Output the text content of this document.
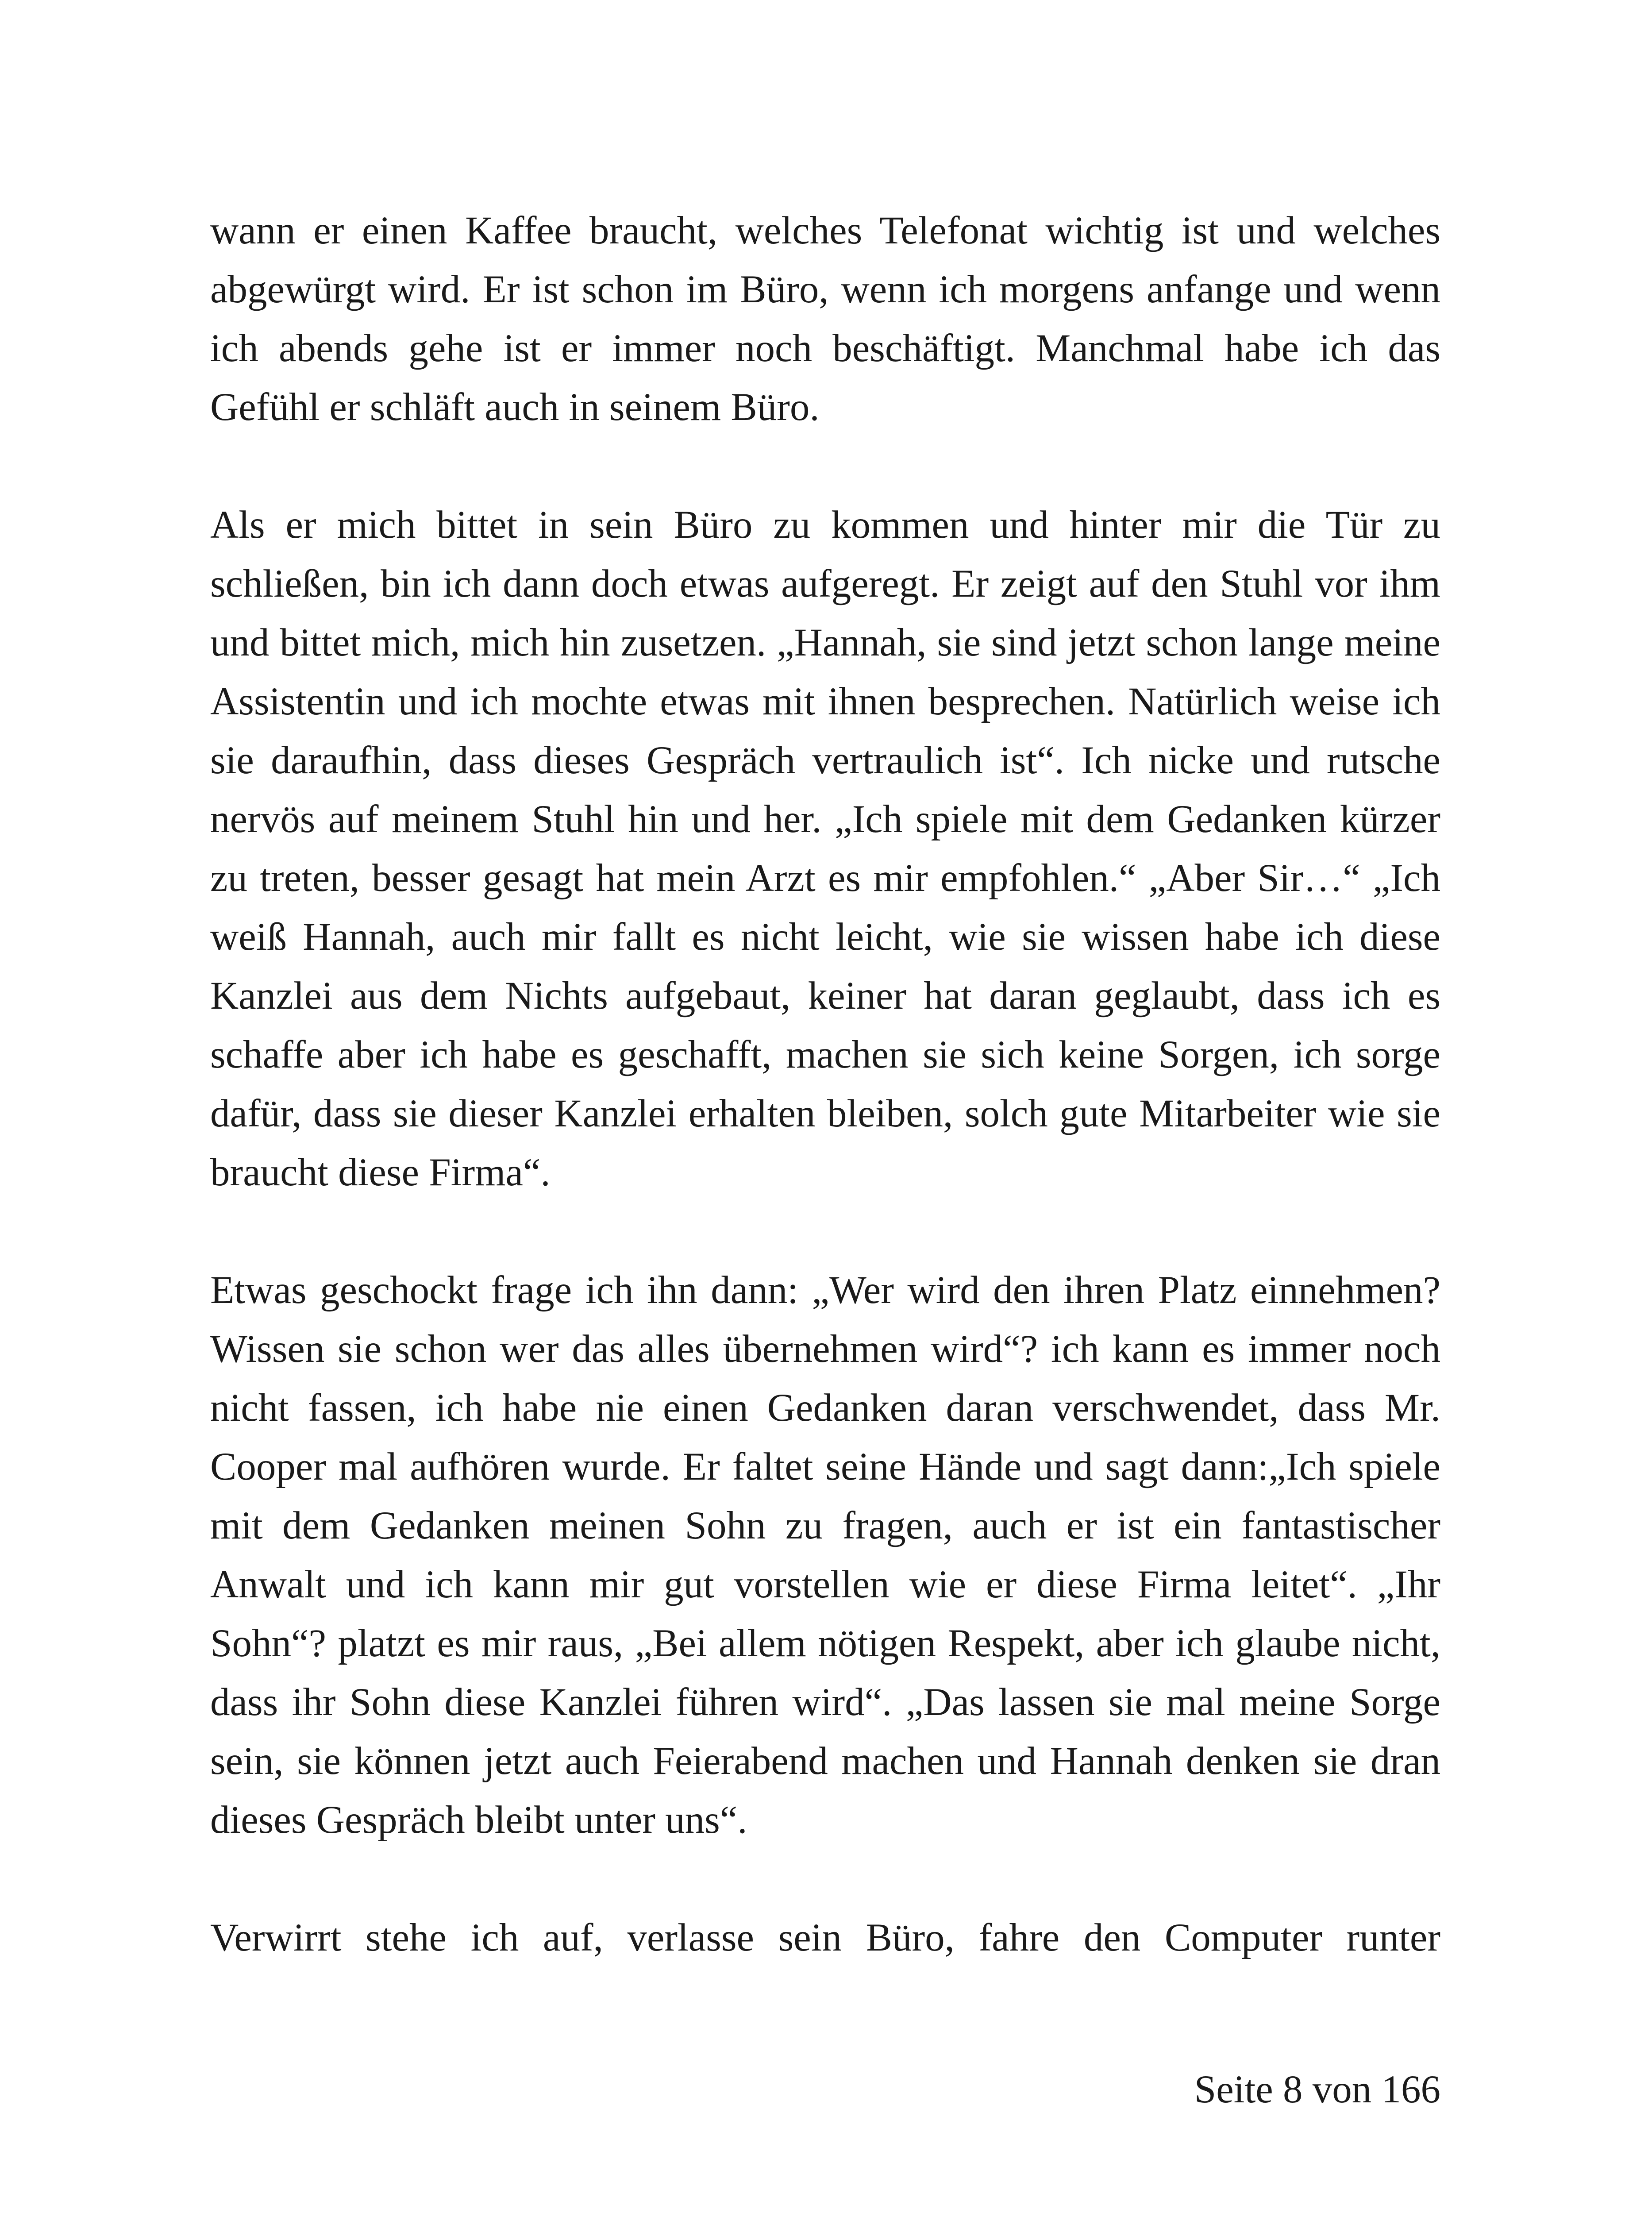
wann er einen Kaffee braucht, welches Telefonat wichtig ist und welches abgewürgt wird. Er ist schon im Büro, wenn ich morgens anfange und wenn ich abends gehe ist er immer noch beschäftigt. Manchmal habe ich das Gefühl er schläft auch in seinem Büro.

Als er mich bittet in sein Büro zu kommen und hinter mir die Tür zu schließen, bin ich dann doch etwas aufgeregt. Er zeigt auf den Stuhl vor ihm und bittet mich, mich hin zusetzen. „Hannah, sie sind jetzt schon lange meine Assistentin und ich mochte etwas mit ihnen besprechen. Natürlich weise ich sie daraufhin, dass dieses Gespräch vertraulich ist“. Ich nicke und rutsche nervös auf meinem Stuhl hin und her. „Ich spiele mit dem Gedanken kürzer zu treten, besser gesagt hat mein Arzt es mir empfohlen.“ „Aber Sir…“ „Ich weiß Hannah, auch mir fallt es nicht leicht, wie sie wissen habe ich diese Kanzlei aus dem Nichts aufgebaut, keiner hat daran geglaubt, dass ich es schaffe aber ich habe es geschafft, machen sie sich keine Sorgen, ich sorge dafür, dass sie dieser Kanzlei erhalten bleiben, solch gute Mitarbeiter wie sie braucht diese Firma“.

Etwas geschockt frage ich ihn dann: „Wer wird den ihren Platz einnehmen? Wissen sie schon wer das alles übernehmen wird“? ich kann es immer noch nicht fassen, ich habe nie einen Gedanken daran verschwendet, dass Mr. Cooper mal aufhören wurde. Er faltet seine Hände und sagt dann:„Ich spiele mit dem Gedanken meinen Sohn zu fragen, auch er ist ein fantastischer Anwalt und ich kann mir gut vorstellen wie er diese Firma leitet“. „Ihr Sohn“? platzt es mir raus, „Bei allem nötigen Respekt, aber ich glaube nicht, dass ihr Sohn diese Kanzlei führen wird“. „Das lassen sie mal meine Sorge sein, sie können jetzt auch Feierabend machen und Hannah denken sie dran dieses Gespräch bleibt unter uns“.

Verwirrt stehe ich auf, verlasse sein Büro, fahre den Computer runter

Seite 8 von 166
